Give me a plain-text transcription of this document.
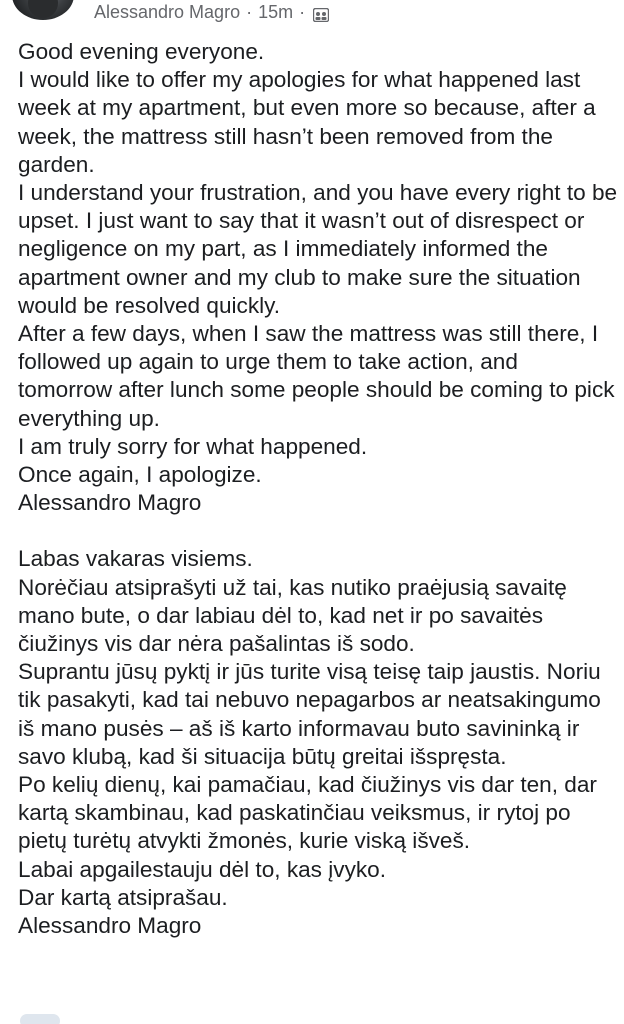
Alessandro Magro · 15m ·

Good evening everyone.

I would like to offer my apologies for what happened last week at my apartment, but even more so because, after a week, the mattress still hasn’t been removed from the garden.

I understand your frustration, and you have every right to be upset. I just want to say that it wasn’t out of disrespect or negligence on my part, as I immediately informed the apartment owner and my club to make sure the situation would be resolved quickly.

After a few days, when I saw the mattress was still there, I followed up again to urge them to take action, and tomorrow after lunch some people should be coming to pick everything up.

I am truly sorry for what happened.

Once again, I apologize.

Alessandro Magro

Labas vakaras visiems.

Norėčiau atsiprašyti už tai, kas nutiko praėjusią savaitę mano bute, o dar labiau dėl to, kad net ir po savaitės čiužinys vis dar nėra pašalintas iš sodo.

Suprantu jūsų pyktį ir jūs turite visą teisę taip jaustis. Noriu tik pasakyti, kad tai nebuvo nepagarbos ar neatsakingumo iš mano pusės – aš iš karto informavau buto savininką ir savo klubą, kad ši situacija būtų greitai išspręsta.

Po kelių dienų, kai pamačiau, kad čiužinys vis dar ten, dar kartą skambinau, kad paskatinčiau veiksmus, ir rytoj po pietų turėtų atvykti žmonės, kurie viską išveš.

Labai apgailestauju dėl to, kas įvyko.

Dar kartą atsiprašau.

Alessandro Magro
